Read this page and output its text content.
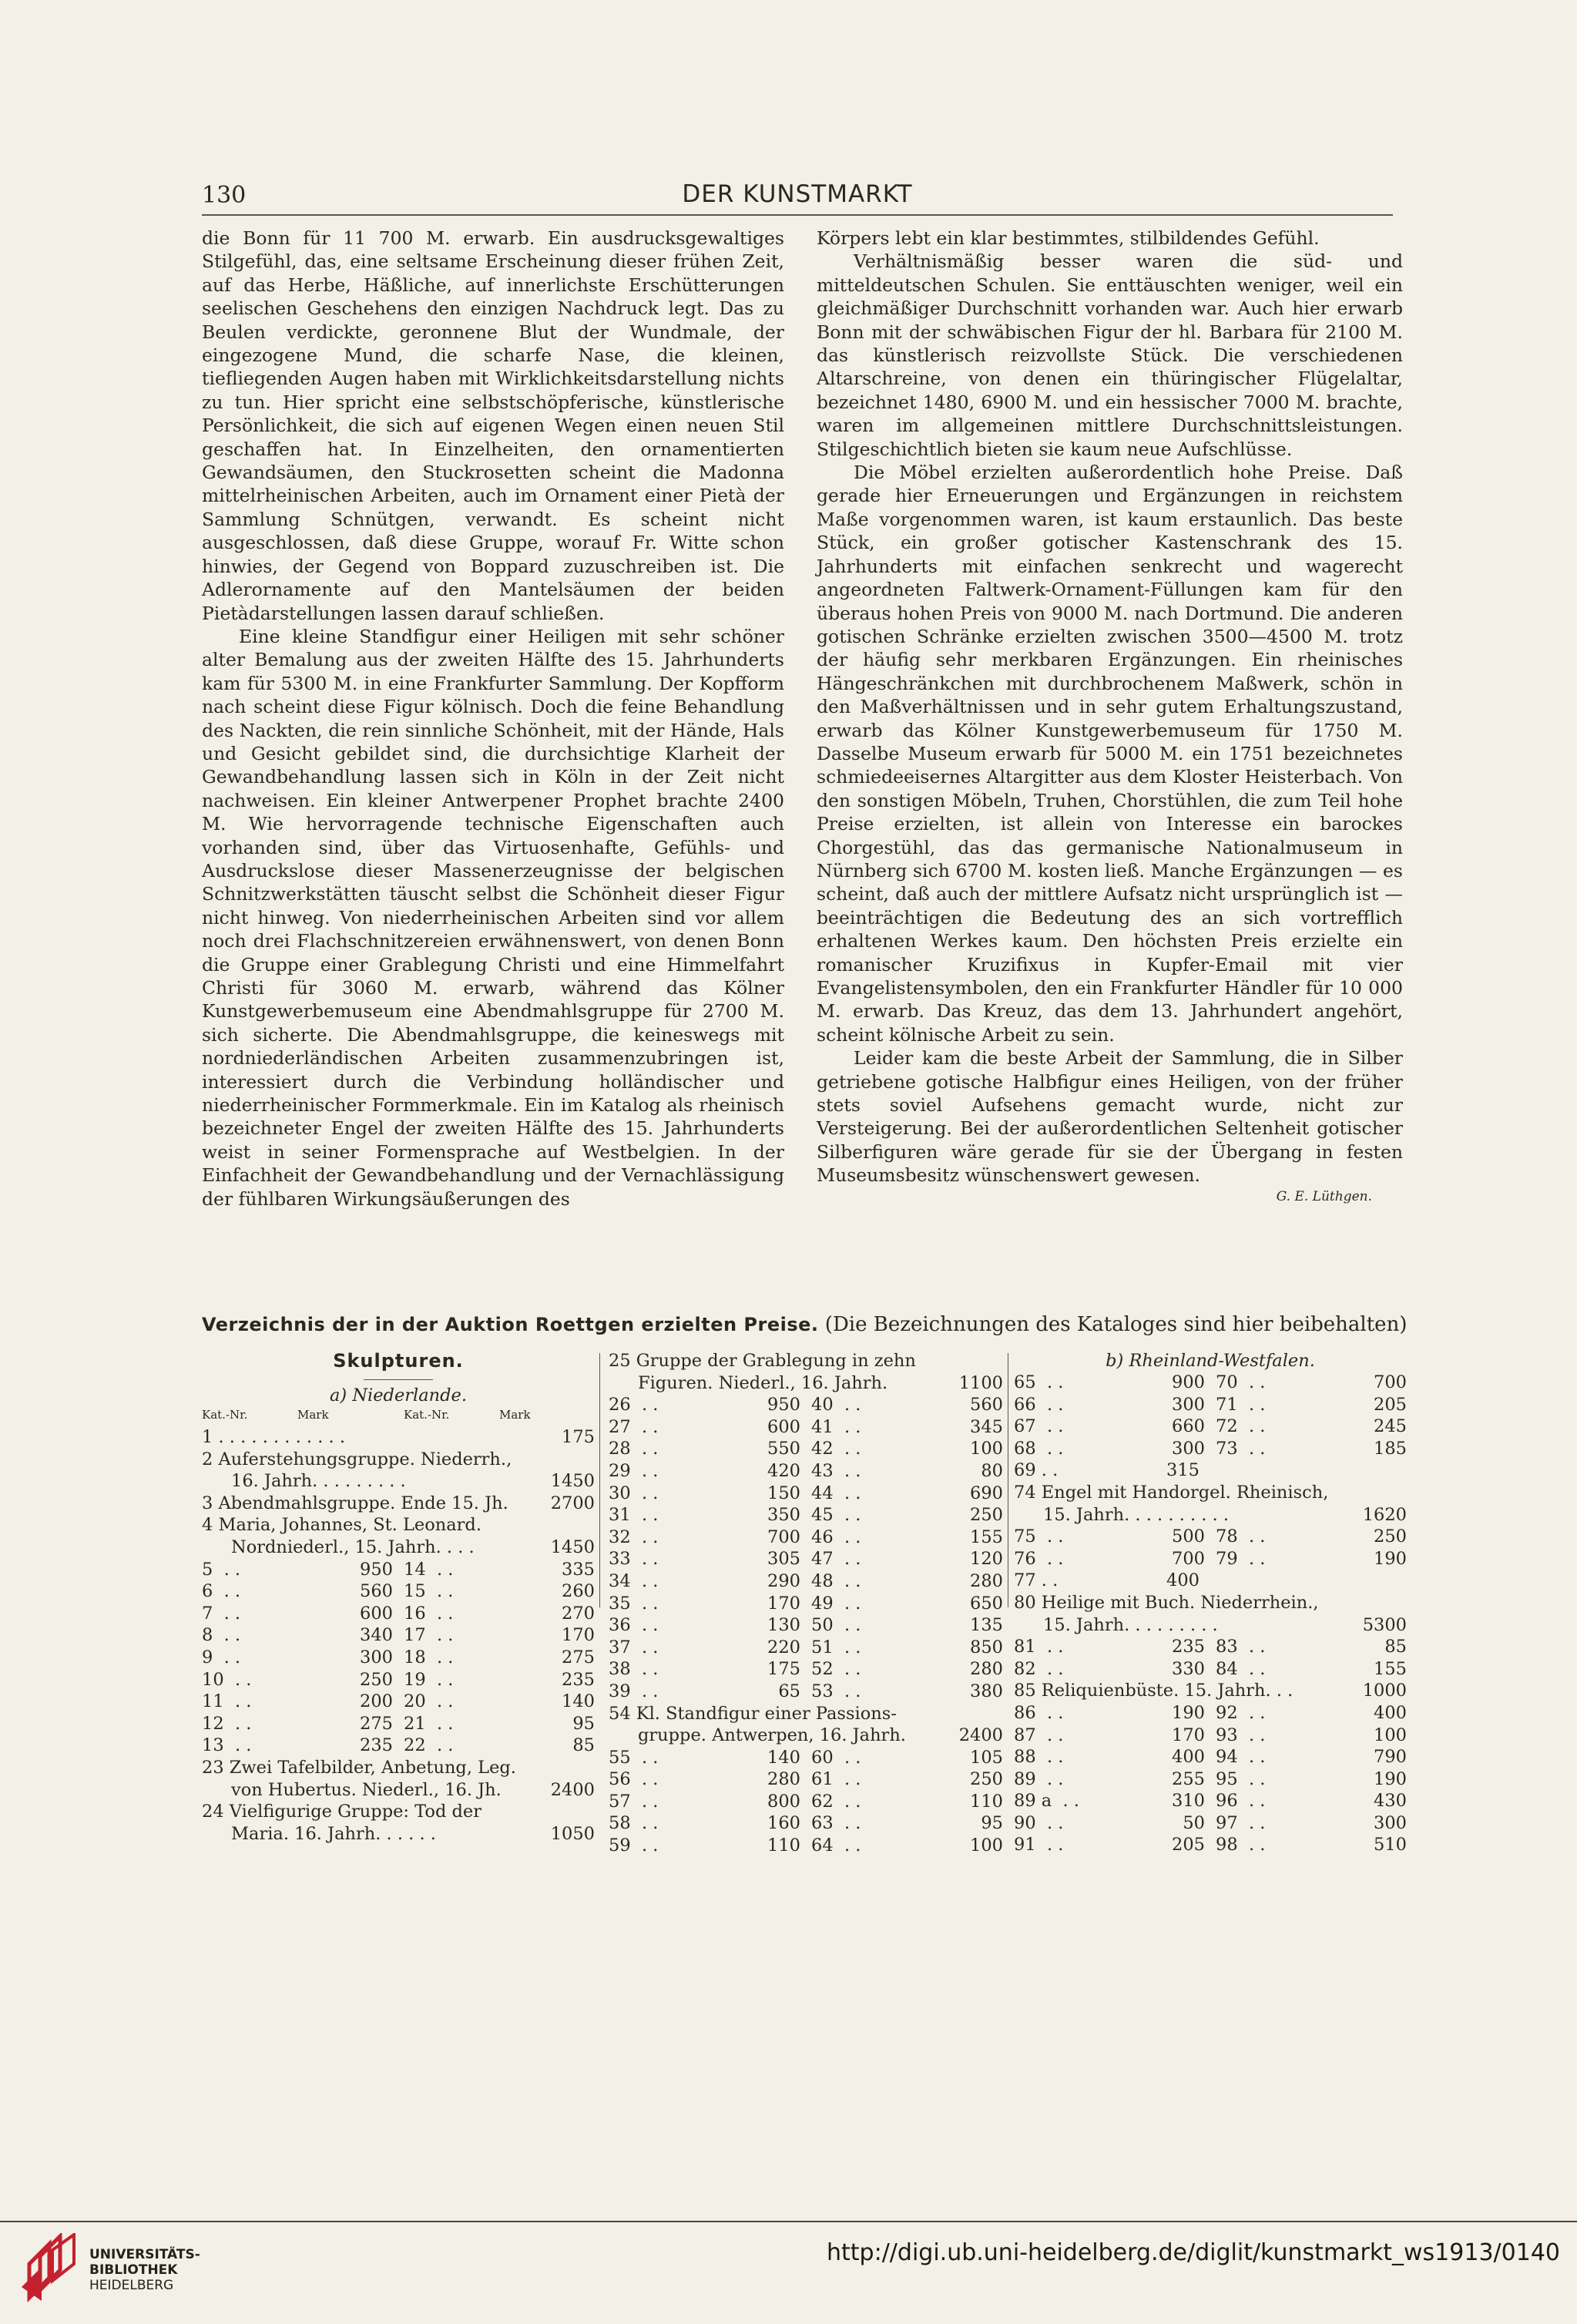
130	DER KUNSTMARKT

die Bonn für 11 700 M. erwarb. Ein ausdrucksgewaltiges Stilgefühl, das, eine seltsame Erscheinung dieser frühen Zeit, auf das Herbe, Häßliche, auf innerlichste Erschütterungen seelischen Geschehens den einzigen Nachdruck legt. Das zu Beulen verdickte, geronnene Blut der Wundmale, der eingezogene Mund, die scharfe Nase, die kleinen, tiefliegenden Augen haben mit Wirklichkeitsdarstellung nichts zu tun. Hier spricht eine selbstschöpferische, künstlerische Persönlichkeit, die sich auf eigenen Wegen einen neuen Stil geschaffen hat. In Einzelheiten, den ornamentierten Gewandsäumen, den Stuckrosetten scheint die Madonna mittelrheinischen Arbeiten, auch im Ornament einer Pietà der Sammlung Schnütgen, verwandt. Es scheint nicht ausgeschlossen, daß diese Gruppe, worauf Fr. Witte schon hinwies, der Gegend von Boppard zuzuschreiben ist. Die Adlerornamente auf den Mantelsäumen der beiden Pietàdarstellungen lassen darauf schließen.

Eine kleine Standfigur einer Heiligen mit sehr schöner alter Bemalung aus der zweiten Hälfte des 15. Jahrhunderts kam für 5300 M. in eine Frankfurter Sammlung. Der Kopfform nach scheint diese Figur kölnisch. Doch die feine Behandlung des Nackten, die rein sinnliche Schönheit, mit der Hände, Hals und Gesicht gebildet sind, die durchsichtige Klarheit der Gewandbehandlung lassen sich in Köln in der Zeit nicht nachweisen. Ein kleiner Antwerpener Prophet brachte 2400 M. Wie hervorragende technische Eigenschaften auch vorhanden sind, über das Virtuosenhafte, Gefühls- und Ausdruckslose dieser Massenerzeugnisse der belgischen Schnitzwerkstätten täuscht selbst die Schönheit dieser Figur nicht hinweg. Von niederrheinischen Arbeiten sind vor allem noch drei Flachschnitzereien erwähnenswert, von denen Bonn die Gruppe einer Grablegung Christi und eine Himmelfahrt Christi für 3060 M. erwarb, während das Kölner Kunstgewerbemuseum eine Abendmahlsgruppe für 2700 M. sich sicherte. Die Abendmahlsgruppe, die keineswegs mit nordniederländischen Arbeiten zusammenzubringen ist, interessiert durch die Verbindung holländischer und niederrheinischer Formmerkmale. Ein im Katalog als rheinisch bezeichneter Engel der zweiten Hälfte des 15. Jahrhunderts weist in seiner Formensprache auf Westbelgien. In der Einfachheit der Gewandbehandlung und der Vernachlässigung der fühlbaren Wirkungsäußerungen des

Körpers lebt ein klar bestimmtes, stilbildendes Gefühl.

Verhältnismäßig besser waren die süd- und mitteldeutschen Schulen. Sie enttäuschten weniger, weil ein gleichmäßiger Durchschnitt vorhanden war. Auch hier erwarb Bonn mit der schwäbischen Figur der hl. Barbara für 2100 M. das künstlerisch reizvollste Stück. Die verschiedenen Altarschreine, von denen ein thüringischer Flügelaltar, bezeichnet 1480, 6900 M. und ein hessischer 7000 M. brachte, waren im allgemeinen mittlere Durchschnittsleistungen. Stilgeschichtlich bieten sie kaum neue Aufschlüsse.

Die Möbel erzielten außerordentlich hohe Preise. Daß gerade hier Erneuerungen und Ergänzungen in reichstem Maße vorgenommen waren, ist kaum erstaunlich. Das beste Stück, ein großer gotischer Kastenschrank des 15. Jahrhunderts mit einfachen senkrecht und wagerecht angeordneten Faltwerk-Ornament-Füllungen kam für den überaus hohen Preis von 9000 M. nach Dortmund. Die anderen gotischen Schränke erzielten zwischen 3500—4500 M. trotz der häufig sehr merkbaren Ergänzungen. Ein rheinisches Hängeschränkchen mit durchbrochenem Maßwerk, schön in den Maßverhältnissen und in sehr gutem Erhaltungszustand, erwarb das Kölner Kunstgewerbemuseum für 1750 M. Dasselbe Museum erwarb für 5000 M. ein 1751 bezeichnetes schmiedeeisernes Altargitter aus dem Kloster Heisterbach. Von den sonstigen Möbeln, Truhen, Chorstühlen, die zum Teil hohe Preise erzielten, ist allein von Interesse ein barockes Chorgestühl, das das germanische Nationalmuseum in Nürnberg sich 6700 M. kosten ließ. Manche Ergänzungen — es scheint, daß auch der mittlere Aufsatz nicht ursprünglich ist — beeinträchtigen die Bedeutung des an sich vortrefflich erhaltenen Werkes kaum. Den höchsten Preis erzielte ein romanischer Kruzifixus in Kupfer-Email mit vier Evangelistensymbolen, den ein Frankfurter Händler für 10 000 M. erwarb. Das Kreuz, das dem 13. Jahrhundert angehört, scheint kölnische Arbeit zu sein.

Leider kam die beste Arbeit der Sammlung, die in Silber getriebene gotische Halbfigur eines Heiligen, von der früher stets soviel Aufsehens gemacht wurde, nicht zur Versteigerung. Bei der außerordentlichen Seltenheit gotischer Silberfiguren wäre gerade für sie der Übergang in festen Museumsbesitz wünschenswert gewesen.

G. E. Lüthgen.
Verzeichnis der in der Auktion Roettgen erzielten Preise. (Die Bezeichnungen des Kataloges sind hier beibehalten)
Skulpturen.
a) Niederlande.
Kat.-Nr.	Mark	Kat.-Nr.	Mark
1 . . . . . . . . . . . .	175
2 Auferstehungsgruppe. Niederrh.,
16. Jahrh. . . . . . . . .	1450
3 Abendmahlsgruppe. Ende 15. Jh. 2700
4 Maria, Johannes, St. Leonard.
Nordniederl., 15. Jahrh. . . .	1450
5  . .	950 14  . .	335
6  . .	560 15  . .	260
7  . .	600 16  . .	270
8  . .	340 17  . .	170
9  . .	300 18  . .	275
10  . .	250 19  . .	235
11  . .	200 20  . .	140
12  . .	275 21  . .	95
13  . .	235 22  . .	85
23 Zwei Tafelbilder, Anbetung, Leg.
von Hubertus. Niederl., 16. Jh.	2400
24 Vielfigurige Gruppe: Tod der
Maria. 16. Jahrh. . . . . .	1050
25 Gruppe der Grablegung in zehn
Figuren. Niederl., 16. Jahrh.	1100
26  . .	950 40  . .	560
27  . .	600 41  . .	345
28  . .	550 42  . .	100
29  . .	420 43  . .	80
30  . .	150 44  . .	690
31  . .	350 45  . .	250
32  . .	700 46  . .	155
33  . .	305 47  . .	120
34  . .	290 48  . .	280
35  . .	170 49  . .	650
36  . .	130 50  . .	135
37  . .	220 51  . .	850
38  . .	175 52  . .	280
39  . .	65 53  . .	380
54 Kl. Standfigur einer Passions-
gruppe. Antwerpen, 16. Jahrh.	2400
55  . .	140 60  . .	105
56  . .	280 61  . .	250
57  . .	800 62  . .	110
58  . .	160 63  . .	95
59  . .	110 64  . .	100
b) Rheinland-Westfalen.
65  . .	900 70  . .	700
66  . .	300 71  . .	205
67  . .	660 72  . .	245
68  . .	300 73  . .	185
69 . .	315
74 Engel mit Handorgel. Rheinisch,
15. Jahrh. . . . . . . . . .	1620
75  . .	500 78  . .	250
76  . .	700 79  . .	190
77 . .	400
80 Heilige mit Buch. Niederrhein.,
15. Jahrh. . . . . . . . .	5300
81  . .	235 83  . .	85
82  . .	330 84  . .	155
85 Reliquienbüste. 15. Jahrh. . .	1000
86  . .	190 92  . .	400
87  . .	170 93  . .	100
88  . .	400 94  . .	790
89  . .	255 95  . .	190
89 a  . .	310 96  . .	430
90  . .	50 97  . .	300
91  . .	205 98  . .	510
UNIVERSITÄTS-
BIBLIOTHEK
HEIDELBERG
http://digi.ub.uni-heidelberg.de/diglit/kunstmarkt_ws1913/0140
